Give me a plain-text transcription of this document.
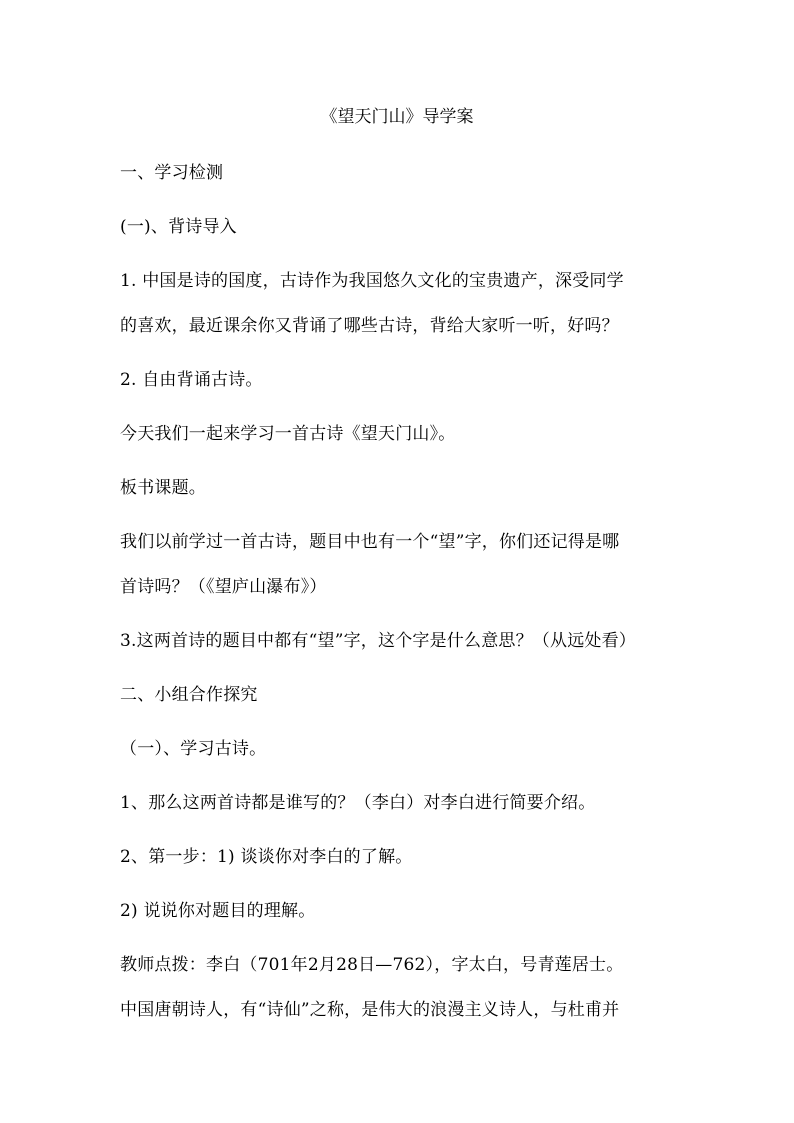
《望天门山》导学案
一、学习检测
(一)、背诗导入
1. 中国是诗的国度，古诗作为我国悠久文化的宝贵遗产，深受同学
的喜欢，最近课余你又背诵了哪些古诗，背给大家听一听，好吗？
2. 自由背诵古诗。
今天我们一起来学习一首古诗《望天门山》。
板书课题。
我们以前学过一首古诗，题目中也有一个“望”字，你们还记得是哪
首诗吗？（《望庐山瀑布》）
3.这两首诗的题目中都有“望”字，这个字是什么意思？（从远处看）
二、小组合作探究
（一）、学习古诗。
1、那么这两首诗都是谁写的？（李白）对李白进行简要介绍。
2、第一步：1) 谈谈你对李白的了解。
2) 说说你对题目的理解。
教师点拨：李白（701年2月28日—762），字太白，号青莲居士。
中国唐朝诗人，有“诗仙”之称，是伟大的浪漫主义诗人，与杜甫并
